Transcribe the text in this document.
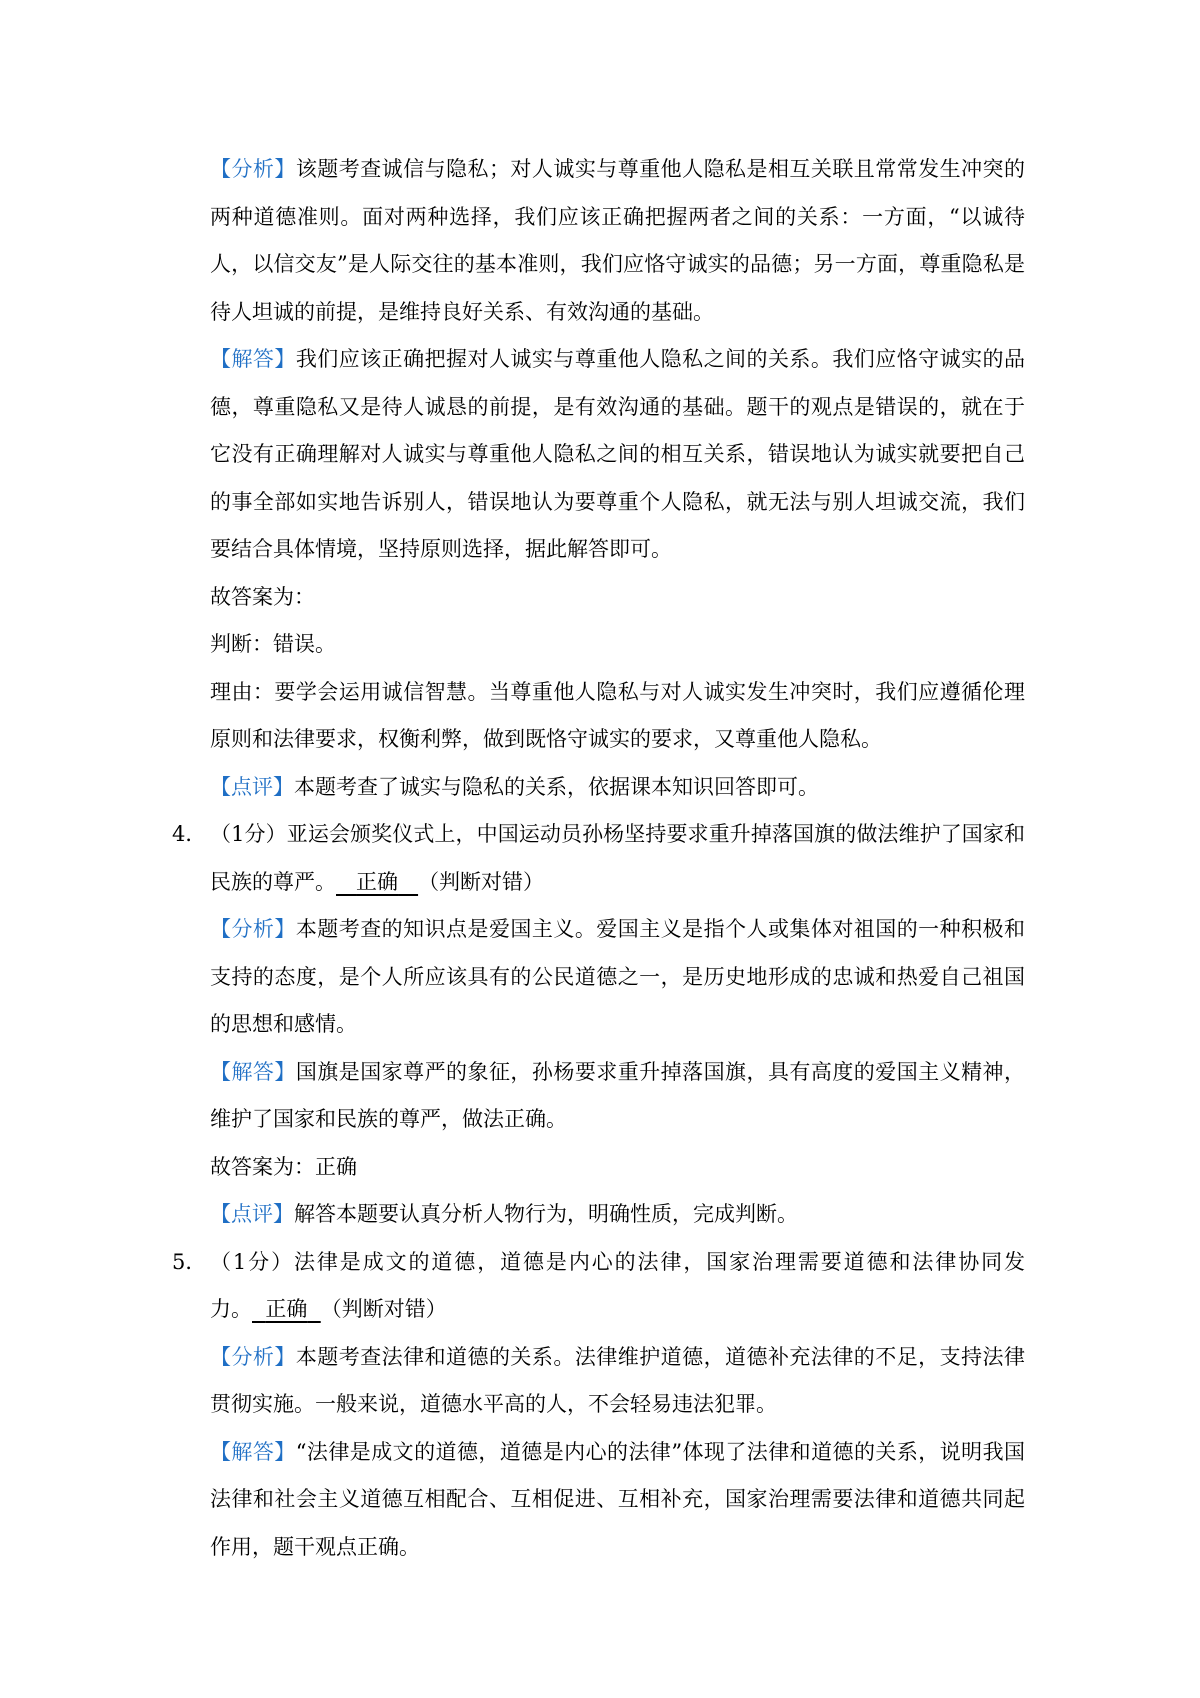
【分析】该题考查诚信与隐私；对人诚实与尊重他人隐私是相互关联且常常发生冲突的两种道德准则。面对两种选择，我们应该正确把握两者之间的关系：一方面，“以诚待人，以信交友”是人际交往的基本准则，我们应恪守诚实的品德；另一方面，尊重隐私是待人坦诚的前提，是维持良好关系、有效沟通的基础。

【解答】我们应该正确把握对人诚实与尊重他人隐私之间的关系。我们应恪守诚实的品德，尊重隐私又是待人诚恳的前提，是有效沟通的基础。题干的观点是错误的，就在于它没有正确理解对人诚实与尊重他人隐私之间的相互关系，错误地认为诚实就要把自己的事全部如实地告诉别人，错误地认为要尊重个人隐私，就无法与别人坦诚交流，我们要结合具体情境，坚持原则选择，据此解答即可。

故答案为：

判断：错误。

理由：要学会运用诚信智慧。当尊重他人隐私与对人诚实发生冲突时，我们应遵循伦理原则和法律要求，权衡利弊，做到既恪守诚实的要求，又尊重他人隐私。

【点评】本题考查了诚实与隐私的关系，依据课本知识回答即可。

4． （1分）亚运会颁奖仪式上，中国运动员孙杨坚持要求重升掉落国旗的做法维护了国家和民族的尊严。 正确 （判断对错）

【分析】本题考查的知识点是爱国主义。爱国主义是指个人或集体对祖国的一种积极和支持的态度，是个人所应该具有的公民道德之一，是历史地形成的忠诚和热爱自己祖国的思想和感情。

【解答】国旗是国家尊严的象征，孙杨要求重升掉落国旗，具有高度的爱国主义精神，维护了国家和民族的尊严，做法正确。

故答案为：正确

【点评】解答本题要认真分析人物行为，明确性质，完成判断。

5． （1分）法律是成文的道德，道德是内心的法律，国家治理需要道德和法律协同发力。 正确 （判断对错）

【分析】本题考查法律和道德的关系。法律维护道德，道德补充法律的不足，支持法律贯彻实施。一般来说，道德水平高的人，不会轻易违法犯罪。

【解答】“法律是成文的道德，道德是内心的法律”体现了法律和道德的关系，说明我国法律和社会主义道德互相配合、互相促进、互相补充，国家治理需要法律和道德共同起作用，题干观点正确。
